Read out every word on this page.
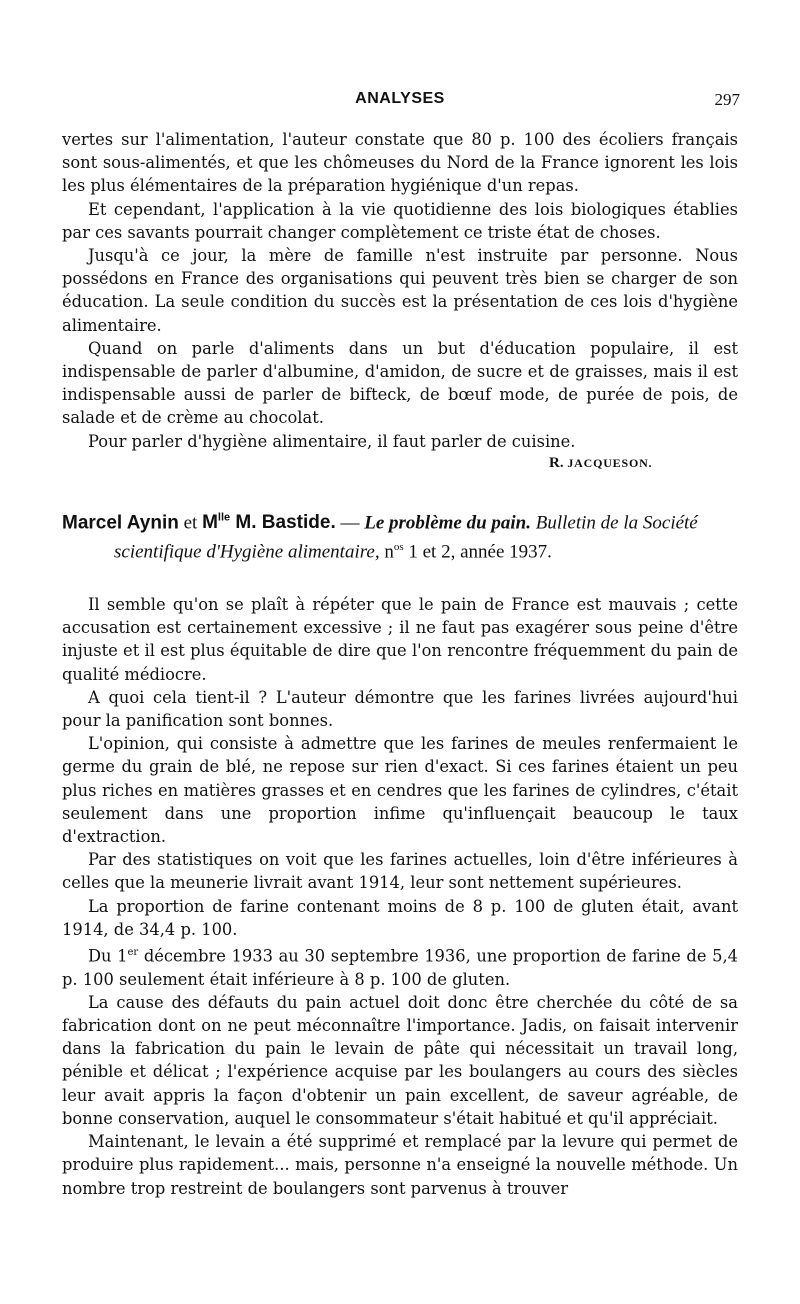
ANALYSES	297

vertes sur l'alimentation, l'auteur constate que 80 p. 100 des écoliers français sont sous-alimentés, et que les chômeuses du Nord de la France ignorent les lois les plus élémentaires de la préparation hygiénique d'un repas.

Et cependant, l'application à la vie quotidienne des lois biologiques établies par ces savants pourrait changer complètement ce triste état de choses.

Jusqu'à ce jour, la mère de famille n'est instruite par personne. Nous possédons en France des organisations qui peuvent très bien se charger de son éducation. La seule condition du succès est la présentation de ces lois d'hygiène alimentaire.

Quand on parle d'aliments dans un but d'éducation populaire, il est indispensable de parler d'albumine, d'amidon, de sucre et de graisses, mais il est indispensable aussi de parler de bifteck, de bœuf mode, de purée de pois, de salade et de crème au chocolat.

Pour parler d'hygiène alimentaire, il faut parler de cuisine.

R. JACQUESON.
Marcel Aynin et $M^{lle}$ M. Bastide. — Le problème du pain. Bulletin de la Société scientifique d'Hygiène alimentaire, $n^{os}$ 1 et 2, année 1937.

Il semble qu'on se plaît à répéter que le pain de France est mauvais ; cette accusation est certainement excessive ; il ne faut pas exagérer sous peine d'être injuste et il est plus équitable de dire que l'on rencontre fréquemment du pain de qualité médiocre.

A quoi cela tient-il ? L'auteur démontre que les farines livrées aujourd'hui pour la panification sont bonnes.

L'opinion, qui consiste à admettre que les farines de meules renfermaient le germe du grain de blé, ne repose sur rien d'exact. Si ces farines étaient un peu plus riches en matières grasses et en cendres que les farines de cylindres, c'était seulement dans une proportion infime qu'influençait beaucoup le taux d'extraction.

Par des statistiques on voit que les farines actuelles, loin d'être inférieures à celles que la meunerie livrait avant 1914, leur sont nettement supérieures.

La proportion de farine contenant moins de 8 p. 100 de gluten était, avant 1914, de 34,4 p. 100.

Du 1er décembre 1933 au 30 septembre 1936, une proportion de farine de 5,4 p. 100 seulement était inférieure à 8 p. 100 de gluten.

La cause des défauts du pain actuel doit donc être cherchée du côté de sa fabrication dont on ne peut méconnaître l'importance. Jadis, on faisait intervenir dans la fabrication du pain le levain de pâte qui nécessitait un travail long, pénible et délicat ; l'expérience acquise par les boulangers au cours des siècles leur avait appris la façon d'obtenir un pain excellent, de saveur agréable, de bonne conservation, auquel le consommateur s'était habitué et qu'il appréciait.

Maintenant, le levain a été supprimé et remplacé par la levure qui permet de produire plus rapidement... mais, personne n'a enseigné la nouvelle méthode. Un nombre trop restreint de boulangers sont parvenus à trouver
